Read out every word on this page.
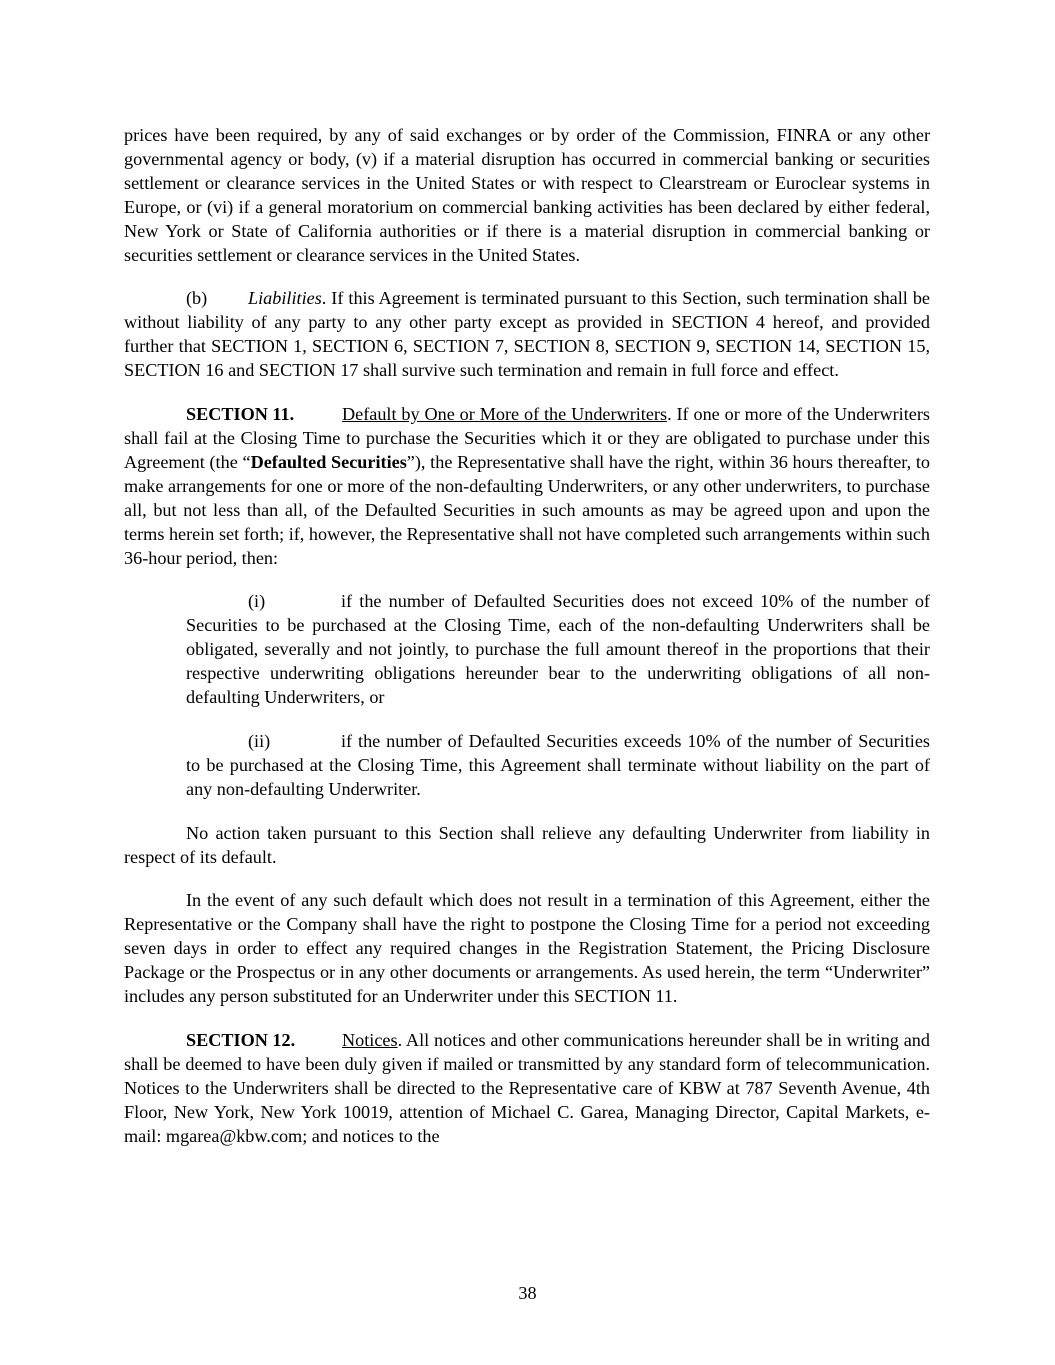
prices have been required, by any of said exchanges or by order of the Commission, FINRA or any other governmental agency or body, (v) if a material disruption has occurred in commercial banking or securities settlement or clearance services in the United States or with respect to Clearstream or Euroclear systems in Europe, or (vi) if a general moratorium on commercial banking activities has been declared by either federal, New York or State of California authorities or if there is a material disruption in commercial banking or securities settlement or clearance services in the United States.

(b) Liabilities. If this Agreement is terminated pursuant to this Section, such termination shall be without liability of any party to any other party except as provided in SECTION 4 hereof, and provided further that SECTION 1, SECTION 6, SECTION 7, SECTION 8, SECTION 9, SECTION 14, SECTION 15, SECTION 16 and SECTION 17 shall survive such termination and remain in full force and effect.

SECTION 11.	Default by One or More of the Underwriters. If one or more of the Underwriters shall fail at the Closing Time to purchase the Securities which it or they are obligated to purchase under this Agreement (the “Defaulted Securities”), the Representative shall have the right, within 36 hours thereafter, to make arrangements for one or more of the non-defaulting Underwriters, or any other underwriters, to purchase all, but not less than all, of the Defaulted Securities in such amounts as may be agreed upon and upon the terms herein set forth; if, however, the Representative shall not have completed such arrangements within such 36-hour period, then:

(i)	if the number of Defaulted Securities does not exceed 10% of the number of Securities to be purchased at the Closing Time, each of the non-defaulting Underwriters shall be obligated, severally and not jointly, to purchase the full amount thereof in the proportions that their respective underwriting obligations hereunder bear to the underwriting obligations of all non-defaulting Underwriters, or

(ii)	if the number of Defaulted Securities exceeds 10% of the number of Securities to be purchased at the Closing Time, this Agreement shall terminate without liability on the part of any non-defaulting Underwriter.

No action taken pursuant to this Section shall relieve any defaulting Underwriter from liability in respect of its default.

In the event of any such default which does not result in a termination of this Agreement, either the Representative or the Company shall have the right to postpone the Closing Time for a period not exceeding seven days in order to effect any required changes in the Registration Statement, the Pricing Disclosure Package or the Prospectus or in any other documents or arrangements. As used herein, the term “Underwriter” includes any person substituted for an Underwriter under this SECTION 11.

SECTION 12.	Notices. All notices and other communications hereunder shall be in writing and shall be deemed to have been duly given if mailed or transmitted by any standard form of telecommunication. Notices to the Underwriters shall be directed to the Representative care of KBW at 787 Seventh Avenue, 4th Floor, New York, New York 10019, attention of Michael C. Garea, Managing Director, Capital Markets, e-mail: mgarea@kbw.com; and notices to the

38
